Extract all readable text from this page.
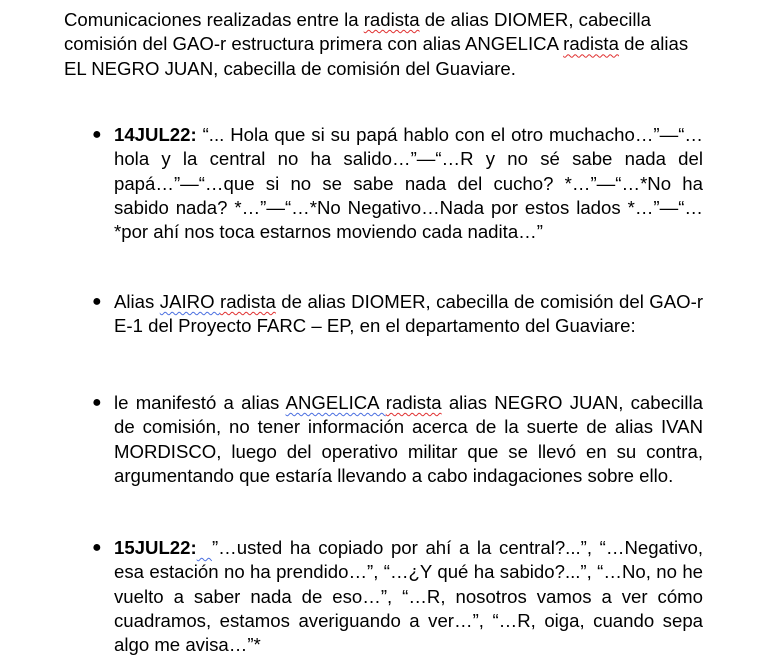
Comunicaciones realizadas entre la radista de alias DIOMER, cabecilla comisión del GAO-r estructura primera con alias ANGELICA radista de alias EL NEGRO JUAN, cabecilla de comisión del Guaviare.
● 14JUL22: “... Hola que si su papá hablo con el otro muchacho…”—“…hola y la central no ha salido…”—“…R y no sé sabe nada del papá…”—“…que si no se sabe nada del cucho? *…”—“…*No ha sabido nada? *…”—“…*No Negativo…Nada por estos lados *…”—“…*por ahí nos toca estarnos moviendo cada nadita…”
● Alias JAIRO radista de alias DIOMER, cabecilla de comisión del GAO-r E-1 del Proyecto FARC – EP, en el departamento del Guaviare:
● le manifestó a alias ANGELICA radista alias NEGRO JUAN, cabecilla de comisión, no tener información acerca de la suerte de alias IVAN MORDISCO, luego del operativo militar que se llevó en su contra, argumentando que estaría llevando a cabo indagaciones sobre ello.
● 15JUL22: ”…usted ha copiado por ahí a la central?...”, “…Negativo, esa estación no ha prendido…”, “…¿Y qué ha sabido?...”, “…No, no he vuelto a saber nada de eso…”, “…R, nosotros vamos a ver cómo cuadramos, estamos averiguando a ver…”, “…R, oiga, cuando sepa algo me avisa…”*
